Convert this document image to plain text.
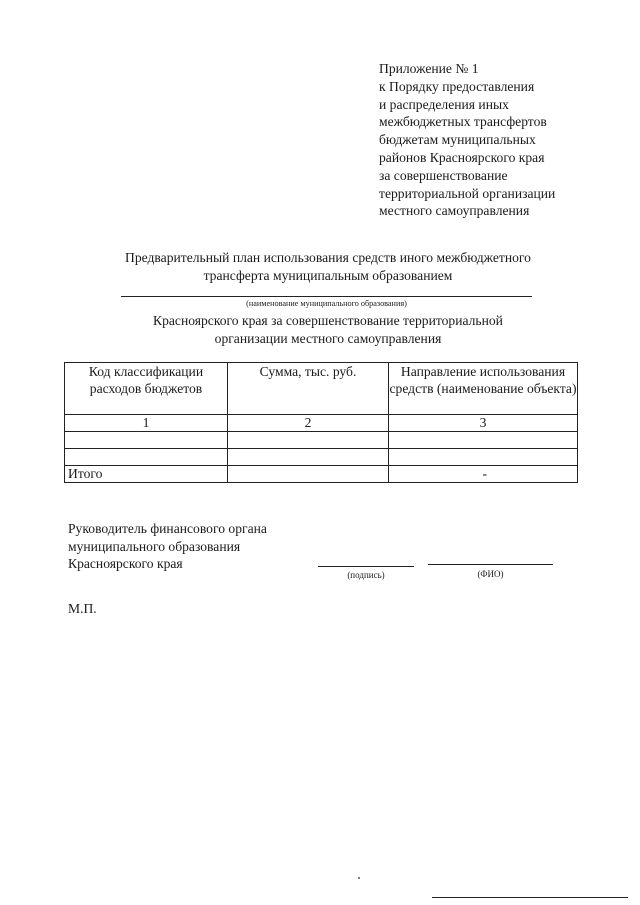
Приложение № 1
к Порядку предоставления
и распределения иных
межбюджетных трансфертов
бюджетам муниципальных
районов Красноярского края
за совершенствование
территориальной организации
местного самоуправления
Предварительный план использования средств иного межбюджетного
трансферта муниципальным образованием
(наименование муниципального образования)
Красноярского края за совершенствование территориальной
организации местного самоуправления
Код классификации расходов бюджетов	Сумма, тыс. руб.	Направление использования средств (наименование объекта)
1	2	3

Итого		-
Руководитель финансового органа
муниципального образования
Красноярского края
(подпись)	(ФИО)
М.П.
